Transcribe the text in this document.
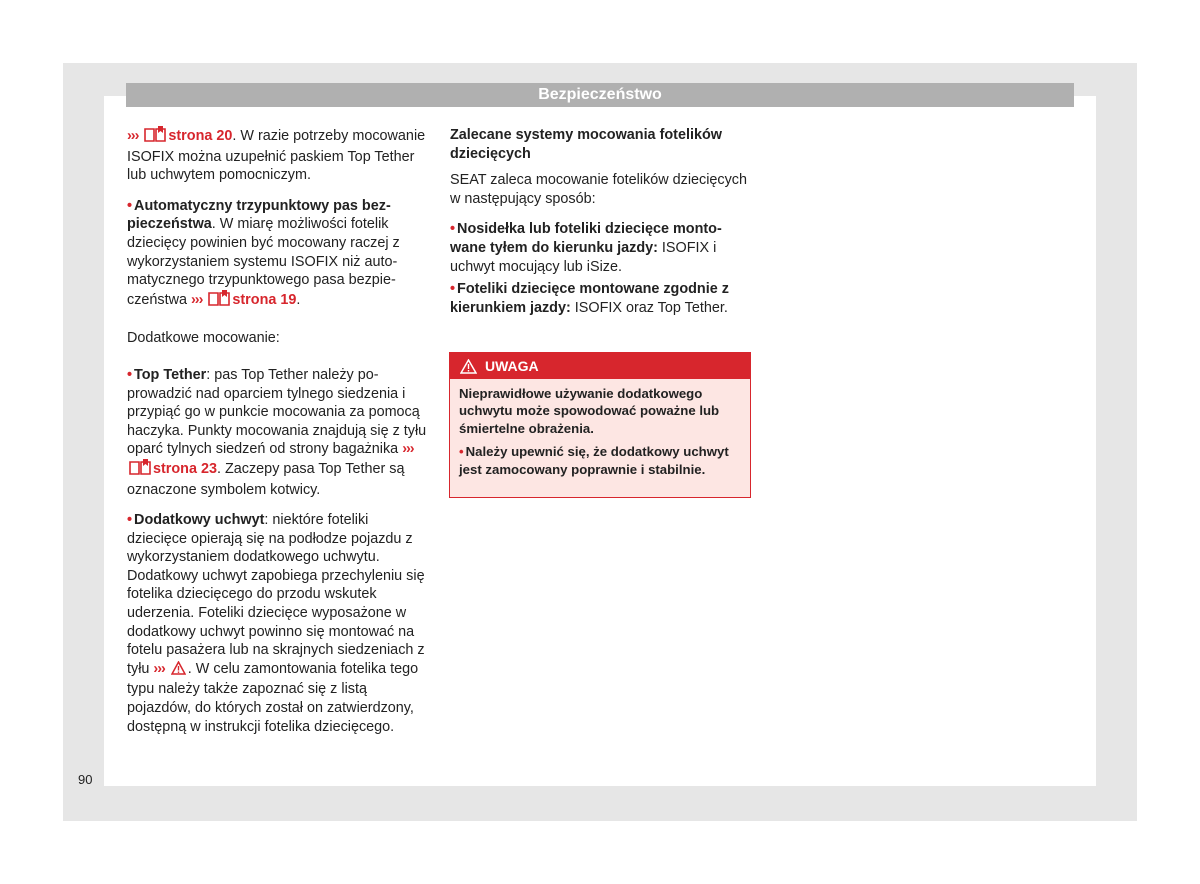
Bezpieczeństwo

››› strona 20. W razie potrzeby mocowanie ISOFIX można uzupełnić paskiem Top Tether lub uchwytem pomocniczym.

• Automatyczny trzypunktowy pas bezpieczeństwa. W miarę możliwości fotelik dziecięcy powinien być mocowany raczej z wykorzystaniem systemu ISOFIX niż automatycznego trzypunktowego pasa bezpieczeństwa ››› strona 19.

Dodatkowe mocowanie:

• Top Tether: pas Top Tether należy poprowadzić nad oparciem tylnego siedzenia i przypiąć go w punkcie mocowania za pomocą haczyka. Punkty mocowania znajdują się z tyłu oparć tylnych siedzeń od strony bagażnika ››› strona 23. Zaczepy pasa Top Tether są oznaczone symbolem kotwicy.

• Dodatkowy uchwyt: niektóre foteliki dziecięce opierają się na podłodze pojazdu z wykorzystaniem dodatkowego uchwytu. Dodatkowy uchwyt zapobiega przechyleniu się fotelika dziecięcego do przodu wskutek uderzenia. Foteliki dziecięce wyposażone w dodatkowy uchwyt powinno się montować na fotelu pasażera lub na skrajnych siedzeniach z tyłu ››› . W celu zamontowania fotelika tego typu należy także zapoznać się z listą pojazdów, do których został on zatwierdzony, dostępną w instrukcji fotelika dziecięcego.

Zalecane systemy mocowania fotelików dziecięcych

SEAT zaleca mocowanie fotelików dziecięcych w następujący sposób:

• Nosidełka lub foteliki dziecięce montowane tyłem do kierunku jazdy: ISOFIX i uchwyt mocujący lub iSize.

• Foteliki dziecięce montowane zgodnie z kierunkiem jazdy: ISOFIX oraz Top Tether.

UWAGA

Nieprawidłowe używanie dodatkowego uchwytu może spowodować poważne lub śmiertelne obrażenia.

• Należy upewnić się, że dodatkowy uchwyt jest zamocowany poprawnie i stabilnie.

90
